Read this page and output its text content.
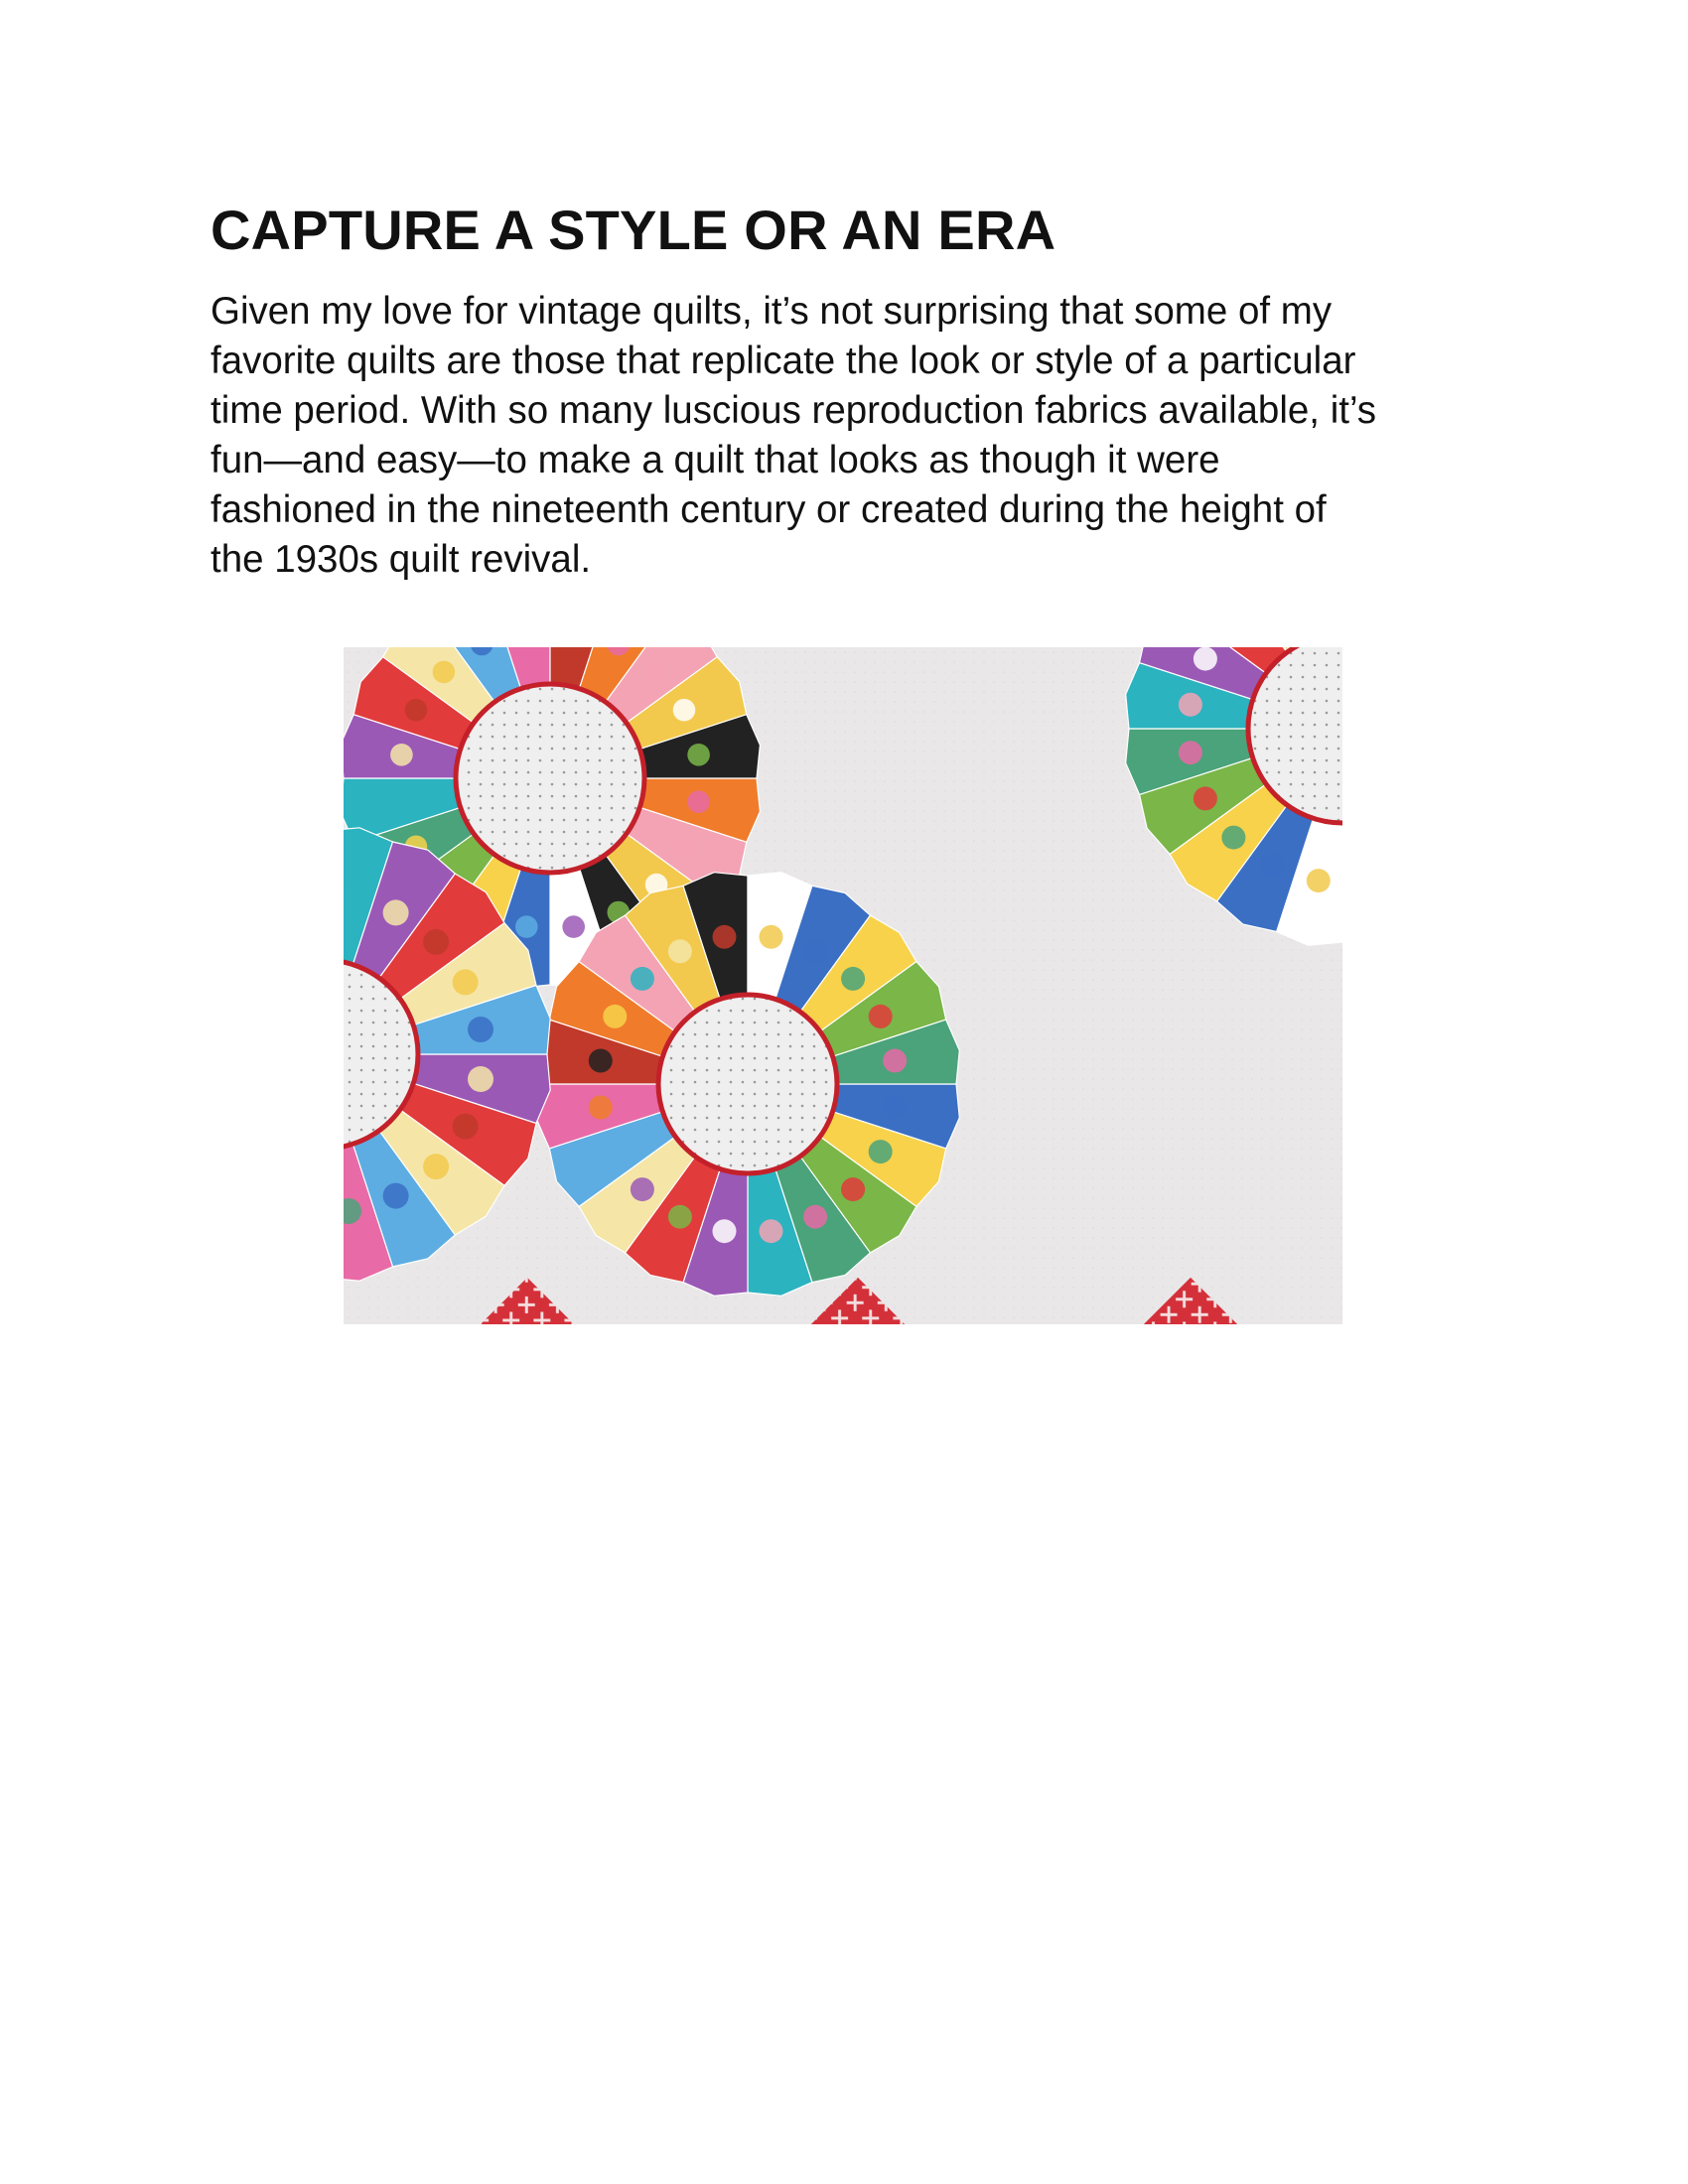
CAPTURE A STYLE OR AN ERA

Given my love for vintage quilts, it’s not surprising that some of my
favorite quilts are those that replicate the look or style of a particular
time period. With so many luscious reproduction fabrics available, it’s
fun—and easy—to make a quilt that looks as though it were
fashioned in the nineteenth century or created during the height of
the 1930s quilt revival.
